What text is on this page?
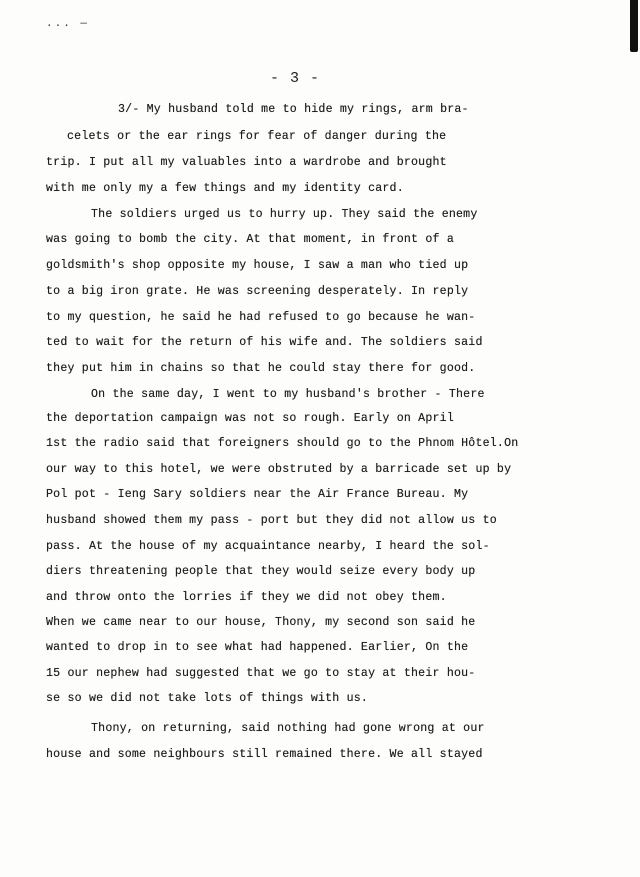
... —
- 3 -
3/- My husband told me to hide my rings, arm bra-
celets or the ear rings for fear of danger during the
trip. I put all my valuables into a wardrobe and brought
with me only my a few things and my identity card.
The soldiers urged us to hurry up. They said the enemy
was going to bomb the city. At that moment, in front of a
goldsmith's shop opposite my house, I saw a man who tied up
to a big iron grate. He was screening desperately. In reply
to my question, he said he had refused to go because he wan-
ted to wait for the return of his wife and. The soldiers said
they put him in chains so that he could stay there for good.
On the same day, I went to my husband's brother - There
the deportation campaign was not so rough. Early on April
1st the radio said that foreigners should go to the Phnom Hôtel.On
our way to this hotel, we were obstruted by a barricade set up by
Pol pot - Ieng Sary soldiers near the Air France Bureau. My
husband showed them my pass - port but they did not allow us to
pass. At the house of my acquaintance nearby, I heard the sol-
diers threatening people that they would seize every body up
and throw onto the lorries if they we did not obey them.
When we came near to our house, Thony, my second son said he
wanted to drop in to see what had happened. Earlier, On the
15 our nephew had suggested that we go to stay at their hou-
se so we did not take lots of things with us.
Thony, on returning, said nothing had gone wrong at our
house and some neighbours still remained there. We all stayed
